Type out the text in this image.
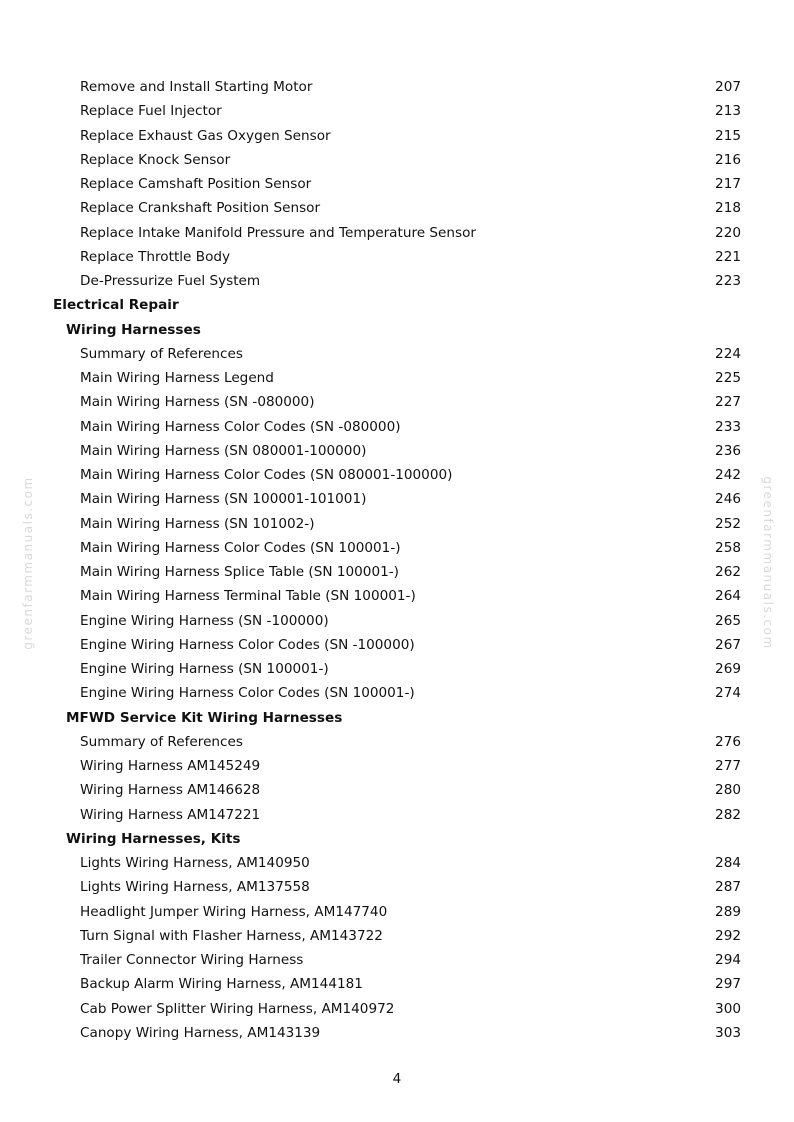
greenfarmmanuals.com	greenfarmmanuals.com
Remove and Install Starting Motor	207
Replace Fuel Injector	213
Replace Exhaust Gas Oxygen Sensor	215
Replace Knock Sensor	216
Replace Camshaft Position Sensor	217
Replace Crankshaft Position Sensor	218
Replace Intake Manifold Pressure and Temperature Sensor	220
Replace Throttle Body	221
De-Pressurize Fuel System	223
Electrical Repair
Wiring Harnesses
Summary of References	224
Main Wiring Harness Legend	225
Main Wiring Harness (SN -080000)	227
Main Wiring Harness Color Codes (SN -080000)	233
Main Wiring Harness (SN 080001-100000)	236
Main Wiring Harness Color Codes (SN 080001-100000)	242
Main Wiring Harness (SN 100001-101001)	246
Main Wiring Harness (SN 101002-)	252
Main Wiring Harness Color Codes (SN 100001-)	258
Main Wiring Harness Splice Table (SN 100001-)	262
Main Wiring Harness Terminal Table (SN 100001-)	264
Engine Wiring Harness (SN -100000)	265
Engine Wiring Harness Color Codes (SN -100000)	267
Engine Wiring Harness (SN 100001-)	269
Engine Wiring Harness Color Codes (SN 100001-)	274
MFWD Service Kit Wiring Harnesses
Summary of References	276
Wiring Harness AM145249	277
Wiring Harness AM146628	280
Wiring Harness AM147221	282
Wiring Harnesses, Kits
Lights Wiring Harness, AM140950	284
Lights Wiring Harness, AM137558	287
Headlight Jumper Wiring Harness, AM147740	289
Turn Signal with Flasher Harness, AM143722	292
Trailer Connector Wiring Harness	294
Backup Alarm Wiring Harness, AM144181	297
Cab Power Splitter Wiring Harness, AM140972	300
Canopy Wiring Harness, AM143139	303
4
